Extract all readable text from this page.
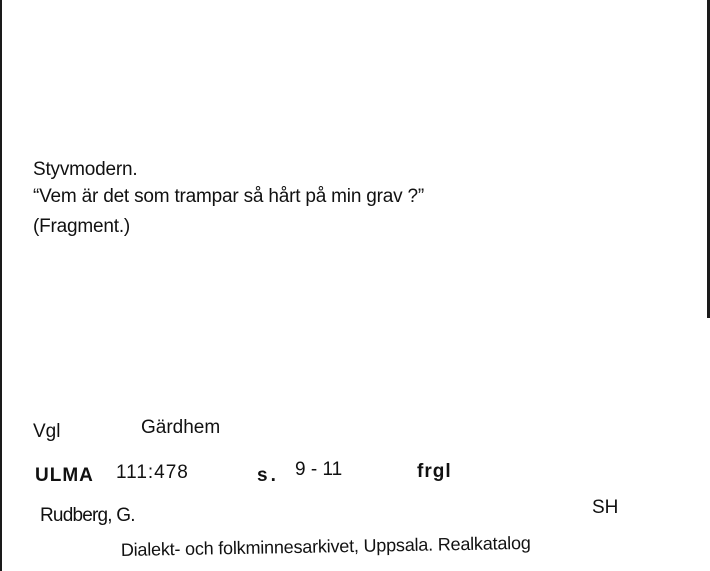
Styvmodern.
“Vem är det som trampar så hårt på min grav ?”
(Fragment.)
Vgl	Gärdhem
ULMA 111:478	s. 9 - 11	frgl
Rudberg, G.	SH
Dialekt- och folkminnesarkivet, Uppsala. Realkatalog
